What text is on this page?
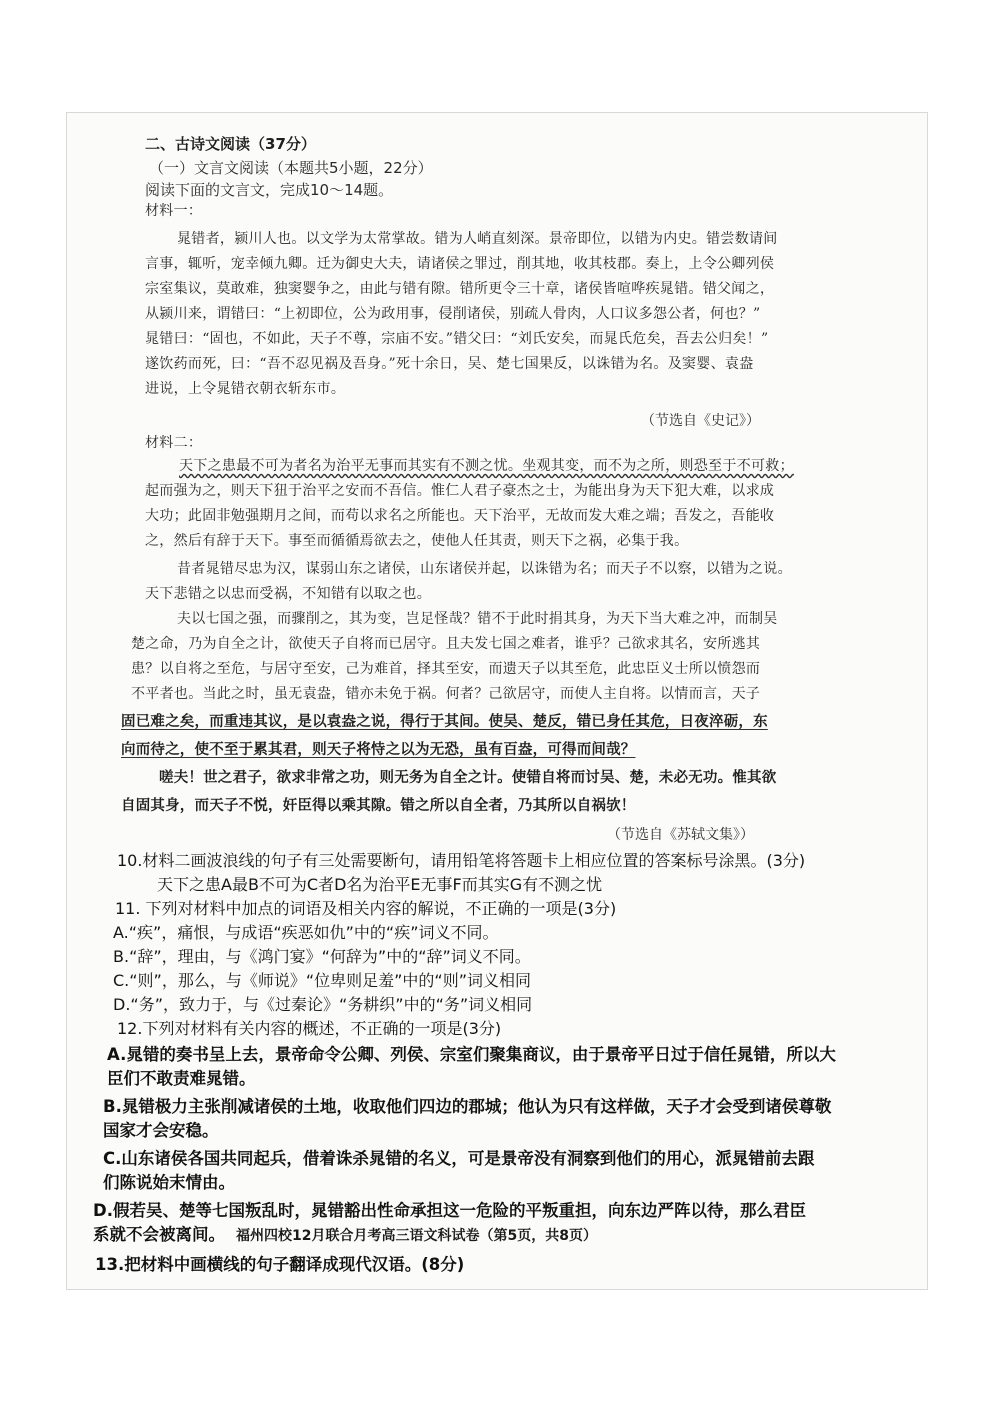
二、古诗文阅读（37分）
（一）文言文阅读（本题共5小题，22分）
阅读下面的文言文，完成10～14题。
材料一：
晁错者，颍川人也。以文学为太常掌故。错为人峭直刻深。景帝即位，以错为内史。错尝数请间
言事，辄听，宠幸倾九卿。迁为御史大夫，请诸侯之罪过，削其地，收其枝郡。奏上，上令公卿列侯
宗室集议，莫敢难，独窦婴争之，由此与错有隙。错所更令三十章，诸侯皆喧哗疾晁错。错父闻之，
从颍川来，谓错曰：“上初即位，公为政用事，侵削诸侯，别疏人骨肉，人口议多怨公者，何也？”
晁错曰：“固也，不如此，天子不尊，宗庙不安。”错父曰：“刘氏安矣，而晁氏危矣，吾去公归矣！”
遂饮药而死，曰：“吾不忍见祸及吾身。”死十余日，吴、楚七国果反，以诛错为名。及窦婴、袁盎
进说，上令晁错衣朝衣斩东市。
（节选自《史记》）
材料二：
天下之患最不可为者名为治平无事而其实有不测之忧。坐观其变，而不为之所，则恐至于不可救；
起而强为之，则天下狃于治平之安而不吾信。惟仁人君子豪杰之士，为能出身为天下犯大难，以求成
大功；此固非勉强期月之间，而苟以求名之所能也。天下治平，无故而发大难之端；吾发之，吾能收
之，然后有辞于天下。事至而循循焉欲去之，使他人任其责，则天下之祸，必集于我。
昔者晁错尽忠为汉，谋弱山东之诸侯，山东诸侯并起，以诛错为名；而天子不以察，以错为之说。
天下悲错之以忠而受祸，不知错有以取之也。
夫以七国之强，而骤削之，其为变，岂足怪哉？错不于此时捐其身，为天下当大难之冲，而制吴
楚之命，乃为自全之计，欲使天子自将而已居守。且夫发七国之难者，谁乎？己欲求其名，安所逃其
患？以自将之至危，与居守至安，己为难首，择其至安，而遗天子以其至危，此忠臣义士所以愤怨而
不平者也。当此之时，虽无袁盎，错亦未免于祸。何者？己欲居守，而使人主自将。以情而言，天子
固已难之矣，而重违其议，是以袁盎之说，得行于其间。使吴、楚反，错已身任其危，日夜淬砺，东
向而待之，使不至于累其君，则天子将恃之以为无恐，虽有百盎，可得而间哉？
嗟夫！世之君子，欲求非常之功，则无务为自全之计。使错自将而讨吴、楚，未必无功。惟其欲
自固其身，而天子不悦，奸臣得以乘其隙。错之所以自全者，乃其所以自祸欤！
（节选自《苏轼文集》）
10.材料二画波浪线的句子有三处需要断句，请用铅笔将答题卡上相应位置的答案标号涂黑。(3分)
天下之患A最B不可为C者D名为治平E无事F而其实G有不测之忧
11. 下列对材料中加点的词语及相关内容的解说，不正确的一项是(3分)
A.“疾”，痛恨，与成语“疾恶如仇”中的“疾”词义不同。
B.“辞”，理由，与《鸿门宴》“何辞为”中的“辞”词义不同。
C.“则”，那么，与《师说》“位卑则足羞”中的“则”词义相同
D.“务”，致力于，与《过秦论》“务耕织”中的“务”词义相同
12.下列对材料有关内容的概述，不正确的一项是(3分)
A.晁错的奏书呈上去，景帝命令公卿、列侯、宗室们聚集商议，由于景帝平日过于信任晁错，所以大
臣们不敢责难晁错。
B.晁错极力主张削减诸侯的土地，收取他们四边的郡城；他认为只有这样做，天子才会受到诸侯尊敬
国家才会安稳。
C.山东诸侯各国共同起兵，借着诛杀晁错的名义，可是景帝没有洞察到他们的用心，派晁错前去跟
们陈说始末情由。
D.假若吴、楚等七国叛乱时，晁错豁出性命承担这一危险的平叛重担，向东边严阵以待，那么君臣
系就不会被离间。
13.把材料中画横线的句子翻译成现代汉语。(8分)
福州四校12月联合月考高三语文科试卷（第5页，共8页）
